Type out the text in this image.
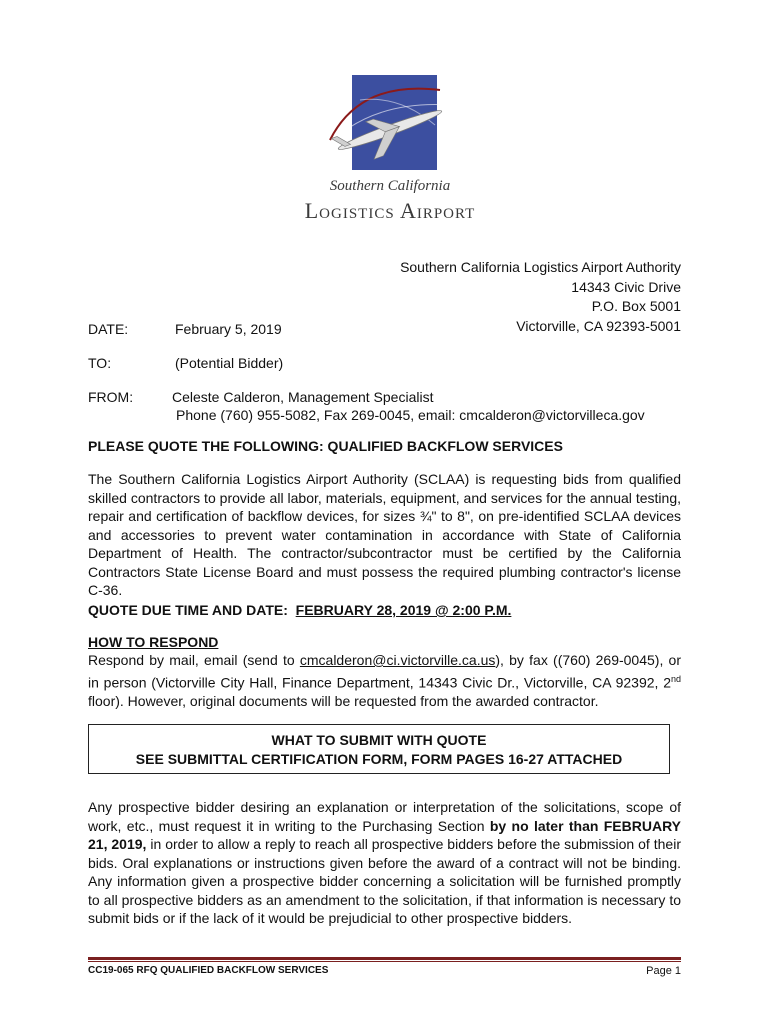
Southern California
Logistics Airport
Southern California Logistics Airport Authority
14343 Civic Drive
P.O. Box 5001
Victorville, CA 92393-5001
DATE:	February 5, 2019
TO:	(Potential Bidder)
FROM:	Celeste Calderon, Management Specialist
Phone (760) 955-5082, Fax 269-0045, email: cmcalderon@victorvilleca.gov
PLEASE QUOTE THE FOLLOWING: QUALIFIED BACKFLOW SERVICES
The Southern California Logistics Airport Authority (SCLAA) is requesting bids from qualified skilled contractors to provide all labor, materials, equipment, and services for the annual testing, repair and certification of backflow devices, for sizes ¾" to 8", on pre-identified SCLAA devices and accessories to prevent water contamination in accordance with State of California Department of Health. The contractor/subcontractor must be certified by the California Contractors State License Board and must possess the required plumbing contractor's license C-36.
QUOTE DUE TIME AND DATE: FEBRUARY 28, 2019 @ 2:00 P.M.
HOW TO RESPOND
Respond by mail, email (send to cmcalderon@ci.victorville.ca.us), by fax ((760) 269-0045), or in person (Victorville City Hall, Finance Department, 14343 Civic Dr., Victorville, CA 92392, 2nd floor). However, original documents will be requested from the awarded contractor.
WHAT TO SUBMIT WITH QUOTE
SEE SUBMITTAL CERTIFICATION FORM, FORM PAGES 16-27 ATTACHED
Any prospective bidder desiring an explanation or interpretation of the solicitations, scope of work, etc., must request it in writing to the Purchasing Section by no later than FEBRUARY 21, 2019, in order to allow a reply to reach all prospective bidders before the submission of their bids. Oral explanations or instructions given before the award of a contract will not be binding. Any information given a prospective bidder concerning a solicitation will be furnished promptly to all prospective bidders as an amendment to the solicitation, if that information is necessary to submit bids or if the lack of it would be prejudicial to other prospective bidders.
CC19-065 RFQ QUALIFIED BACKFLOW SERVICES	Page 1
